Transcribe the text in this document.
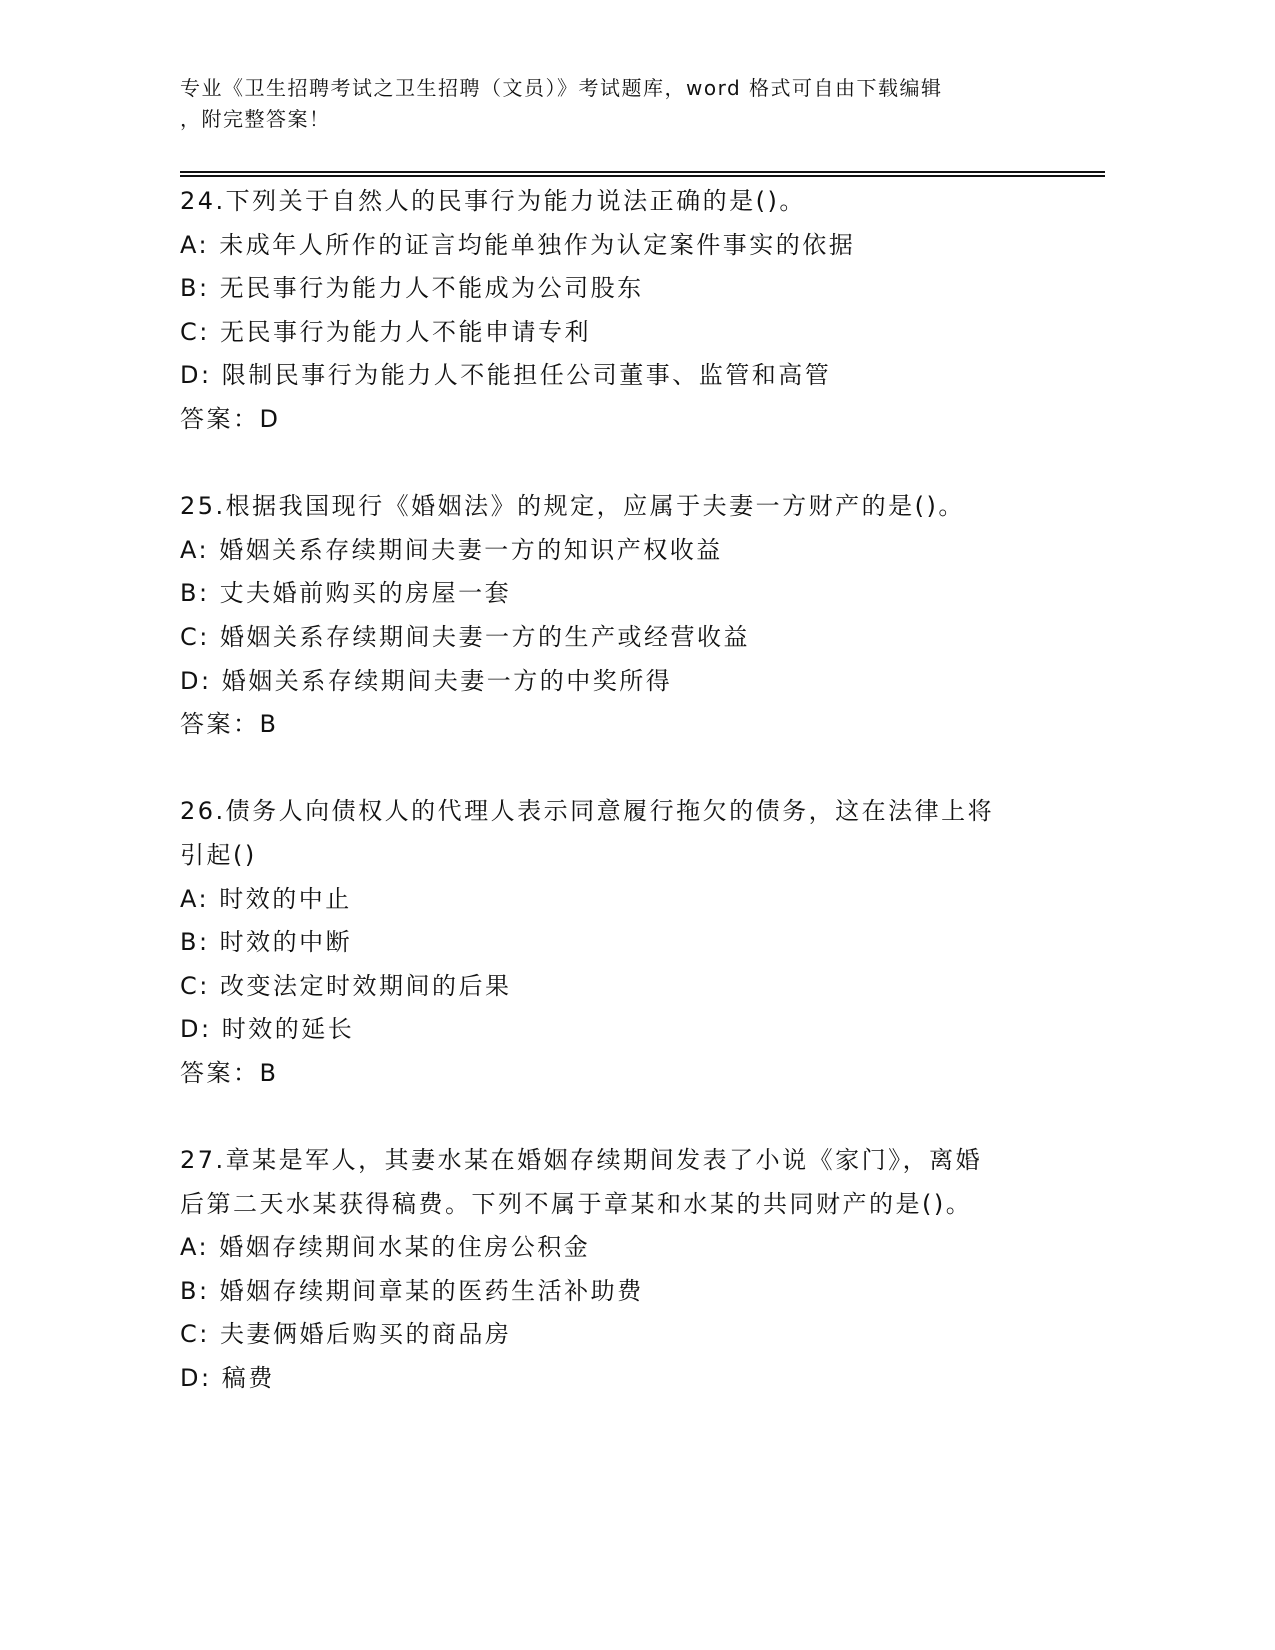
专业《卫生招聘考试之卫生招聘（文员）》考试题库，word 格式可自由下载编辑
，附完整答案！
24.下列关于自然人的民事行为能力说法正确的是()。
A: 未成年人所作的证言均能单独作为认定案件事实的依据
B: 无民事行为能力人不能成为公司股东
C: 无民事行为能力人不能申请专利
D: 限制民事行为能力人不能担任公司董事、监管和高管
答案：D
25.根据我国现行《婚姻法》的规定，应属于夫妻一方财产的是()。
A: 婚姻关系存续期间夫妻一方的知识产权收益
B: 丈夫婚前购买的房屋一套
C: 婚姻关系存续期间夫妻一方的生产或经营收益
D: 婚姻关系存续期间夫妻一方的中奖所得
答案：B
26.债务人向债权人的代理人表示同意履行拖欠的债务，这在法律上将
引起()
A: 时效的中止
B: 时效的中断
C: 改变法定时效期间的后果
D: 时效的延长
答案：B
27.章某是军人，其妻水某在婚姻存续期间发表了小说《家门》，离婚
后第二天水某获得稿费。下列不属于章某和水某的共同财产的是()。
A: 婚姻存续期间水某的住房公积金
B: 婚姻存续期间章某的医药生活补助费
C: 夫妻俩婚后购买的商品房
D: 稿费
